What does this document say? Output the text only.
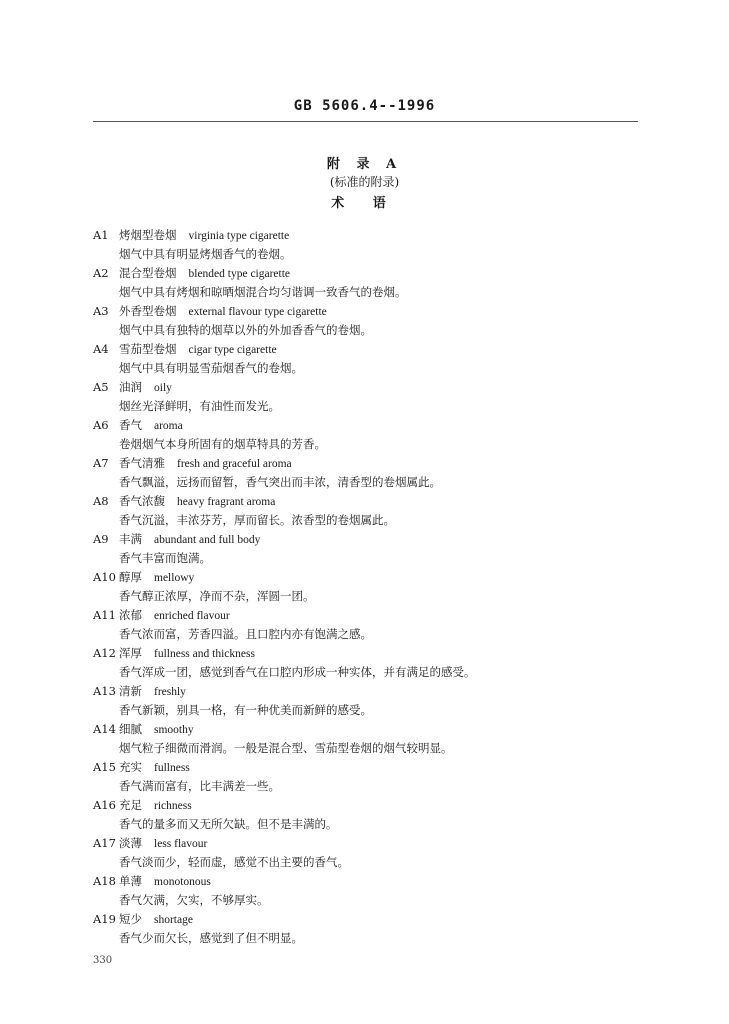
GB 5606.4--1996
附 录 A
(标准的附录)
术 语
A1 烤烟型卷烟 virginia type cigarette
烟气中具有明显烤烟香气的卷烟。
A2 混合型卷烟 blended type cigarette
烟气中具有烤烟和晾晒烟混合均匀谐调一致香气的卷烟。
A3 外香型卷烟 external flavour type cigarette
烟气中具有独特的烟草以外的外加香香气的卷烟。
A4 雪茄型卷烟 cigar type cigarette
烟气中具有明显雪茄烟香气的卷烟。
A5 油润 oily
烟丝光泽鲜明，有油性而发光。
A6 香气 aroma
卷烟烟气本身所固有的烟草特具的芳香。
A7 香气清雅 fresh and graceful aroma
香气飘溢，远扬而留暂，香气突出而丰浓，清香型的卷烟属此。
A8 香气浓馥 heavy fragrant aroma
香气沉溢，丰浓芬芳，厚而留长。浓香型的卷烟属此。
A9 丰满 abundant and full body
香气丰富而饱满。
A10 醇厚 mellowy
香气醇正浓厚，净而不杂，浑圆一团。
A11 浓郁 enriched flavour
香气浓而富，芳香四溢。且口腔内亦有饱满之感。
A12 浑厚 fullness and thickness
香气浑成一团，感觉到香气在口腔内形成一种实体，并有满足的感受。
A13 清新 freshly
香气新颖，别具一格，有一种优美而新鲜的感受。
A14 细腻 smoothy
烟气粒子细微而滑润。一般是混合型、雪茄型卷烟的烟气较明显。
A15 充实 fullness
香气满而富有，比丰满差一些。
A16 充足 richness
香气的量多而又无所欠缺。但不是丰满的。
A17 淡薄 less flavour
香气淡而少，轻而虚，感觉不出主要的香气。
A18 单薄 monotonous
香气欠满，欠实，不够厚实。
A19 短少 shortage
香气少而欠长，感觉到了但不明显。
330
